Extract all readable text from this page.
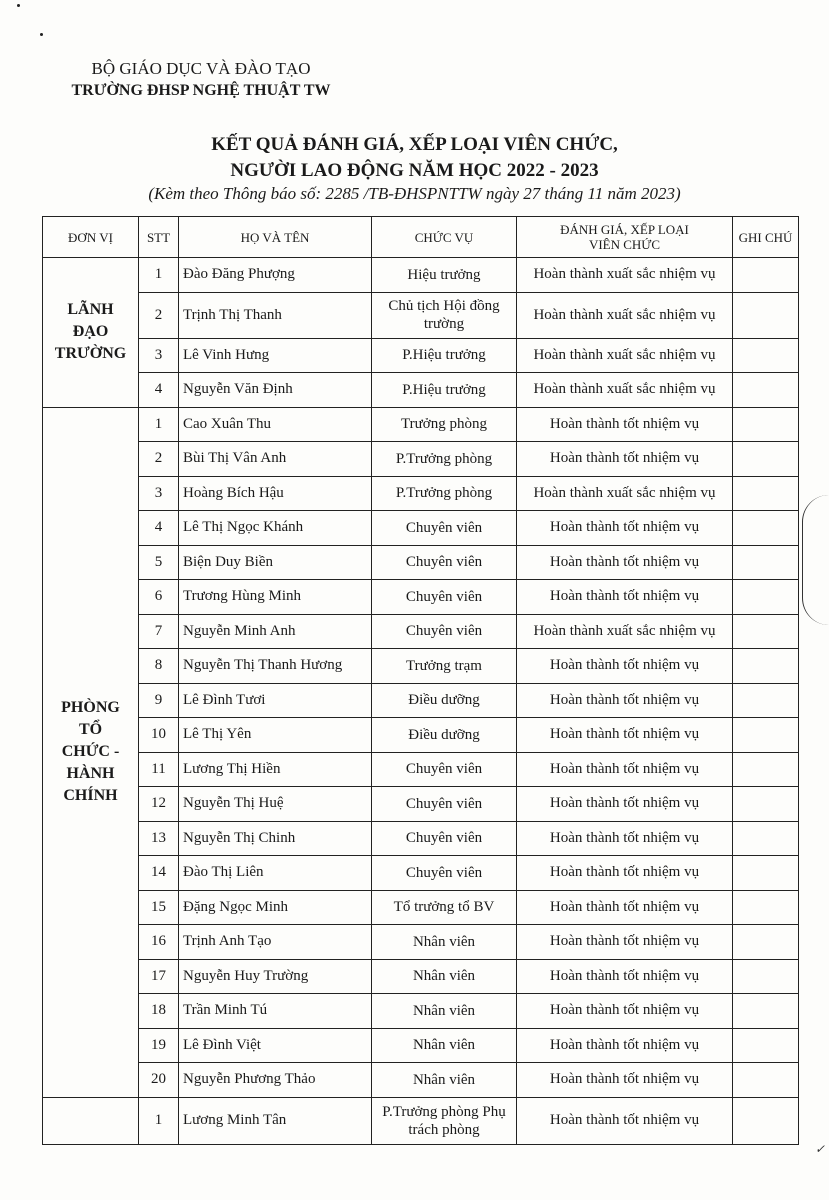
BỘ GIÁO DỤC VÀ ĐÀO TẠO
TRƯỜNG ĐHSP NGHỆ THUẬT TW
KẾT QUẢ ĐÁNH GIÁ, XẾP LOẠI VIÊN CHỨC,
NGƯỜI LAO ĐỘNG NĂM HỌC 2022 - 2023
(Kèm theo Thông báo số: 2285 /TB-ĐHSPNTTW ngày 27 tháng 11 năm 2023)
ĐƠN VỊ	STT	HỌ VÀ TÊN	CHỨC VỤ	ĐÁNH GIÁ, XẾP LOẠI
VIÊN CHỨC	GHI CHÚ

LÃNH
ĐẠO
TRƯỜNG	1	Đào Đăng Phượng	Hiệu trưởng	Hoàn thành xuất sắc nhiệm vụ	
	2	Trịnh Thị Thanh	Chủ tịch Hội đồng trường	Hoàn thành xuất sắc nhiệm vụ	
	3	Lê Vinh Hưng	P.Hiệu trưởng	Hoàn thành xuất sắc nhiệm vụ	
	4	Nguyễn Văn Định	P.Hiệu trưởng	Hoàn thành xuất sắc nhiệm vụ	

PHÒNG
TỔ
CHỨC -
HÀNH
CHÍNH	1	Cao Xuân Thu	Trưởng phòng	Hoàn thành tốt nhiệm vụ	
	2	Bùi Thị Vân Anh	P.Trưởng phòng	Hoàn thành tốt nhiệm vụ	
	3	Hoàng Bích Hậu	P.Trưởng phòng	Hoàn thành xuất sắc nhiệm vụ	
	4	Lê Thị Ngọc Khánh	Chuyên viên	Hoàn thành tốt nhiệm vụ	
	5	Biện Duy Biền	Chuyên viên	Hoàn thành tốt nhiệm vụ	
	6	Trương Hùng Minh	Chuyên viên	Hoàn thành tốt nhiệm vụ	
	7	Nguyễn Minh Anh	Chuyên viên	Hoàn thành xuất sắc nhiệm vụ	
	8	Nguyễn Thị Thanh Hương	Trưởng trạm	Hoàn thành tốt nhiệm vụ	
	9	Lê Đình Tươi	Điều dưỡng	Hoàn thành tốt nhiệm vụ	
	10	Lê Thị Yên	Điều dưỡng	Hoàn thành tốt nhiệm vụ	
	11	Lương Thị Hiền	Chuyên viên	Hoàn thành tốt nhiệm vụ	
	12	Nguyễn Thị Huệ	Chuyên viên	Hoàn thành tốt nhiệm vụ	
	13	Nguyễn Thị Chinh	Chuyên viên	Hoàn thành tốt nhiệm vụ	
	14	Đào Thị Liên	Chuyên viên	Hoàn thành tốt nhiệm vụ	
	15	Đặng Ngọc Minh	Tổ trưởng tổ BV	Hoàn thành tốt nhiệm vụ	
	16	Trịnh Anh Tạo	Nhân viên	Hoàn thành tốt nhiệm vụ	
	17	Nguyễn Huy Trường	Nhân viên	Hoàn thành tốt nhiệm vụ	
	18	Trần Minh Tú	Nhân viên	Hoàn thành tốt nhiệm vụ	
	19	Lê Đình Việt	Nhân viên	Hoàn thành tốt nhiệm vụ	
	20	Nguyễn Phương Thảo	Nhân viên	Hoàn thành tốt nhiệm vụ	
	1	Lương Minh Tân	P.Trưởng phòng Phụ trách phòng	Hoàn thành tốt nhiệm vụ	
✓
